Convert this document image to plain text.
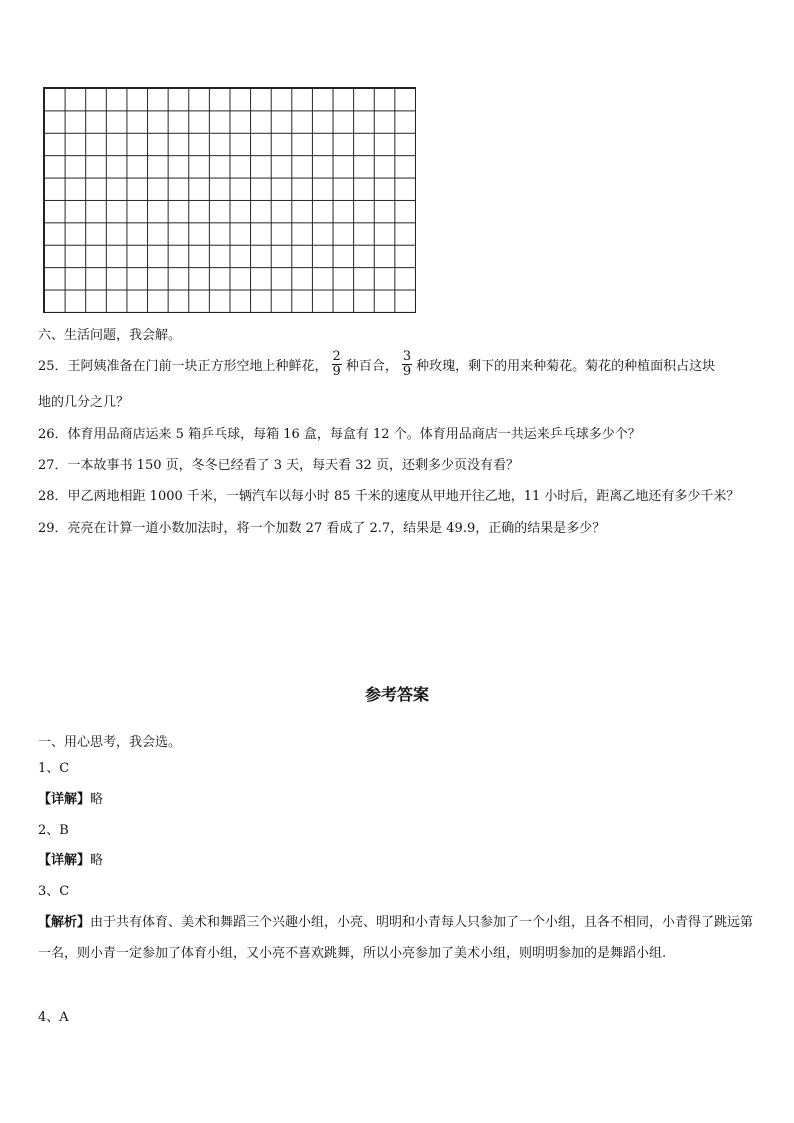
六、生活问题，我会解。
25．王阿姨准备在门前一块正方形空地上种鲜花， $\frac{2}{9}$ 种百合， $\frac{3}{9}$ 种玫瑰，剩下的用来种菊花。菊花的种植面积占这块
地的几分之几？
26．体育用品商店运来 5 箱乒乓球，每箱 16 盒，每盒有 12 个。体育用品商店一共运来乒乓球多少个？
27．一本故事书 150 页，冬冬已经看了 3 天，每天看 32 页，还剩多少页没有看？
28．甲乙两地相距 1000 千米，一辆汽车以每小时 85 千米的速度从甲地开往乙地，11 小时后，距离乙地还有多少千米？
29．亮亮在计算一道小数加法时，将一个加数 27 看成了 2.7，结果是 49.9，正确的结果是多少？
参考答案
一、用心思考，我会选。
1、C
【详解】略
2、B
【详解】略
3、C
【解析】由于共有体育、美术和舞蹈三个兴趣小组，小亮、明明和小青每人只参加了一个小组，且各不相同，小青得了跳远第一名，则小青一定参加了体育小组，又小亮不喜欢跳舞，所以小亮参加了美术小组，则明明参加的是舞蹈小组.
4、A
